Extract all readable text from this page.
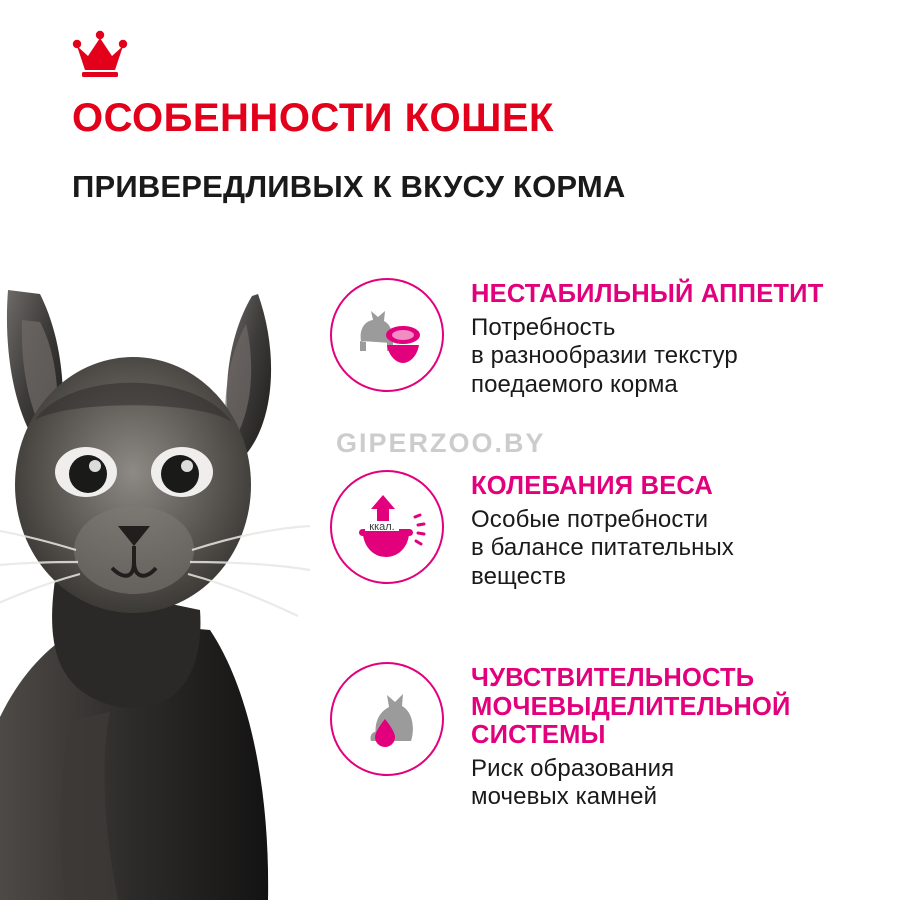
ОСОБЕННОСТИ КОШЕК
ПРИВЕРЕДЛИВЫХ К ВКУСУ КОРМА
GIPERZOO.BY
НЕСТАБИЛЬНЫЙ АППЕТИТ
Потребность
в разнообразии текстур
поедаемого корма
ккал.
КОЛЕБАНИЯ ВЕСА
Особые потребности
в балансе питательных
веществ
ЧУВСТВИТЕЛЬНОСТЬ
МОЧЕВЫДЕЛИТЕЛЬНОЙ
СИСТЕМЫ
Риск образования
мочевых камней
